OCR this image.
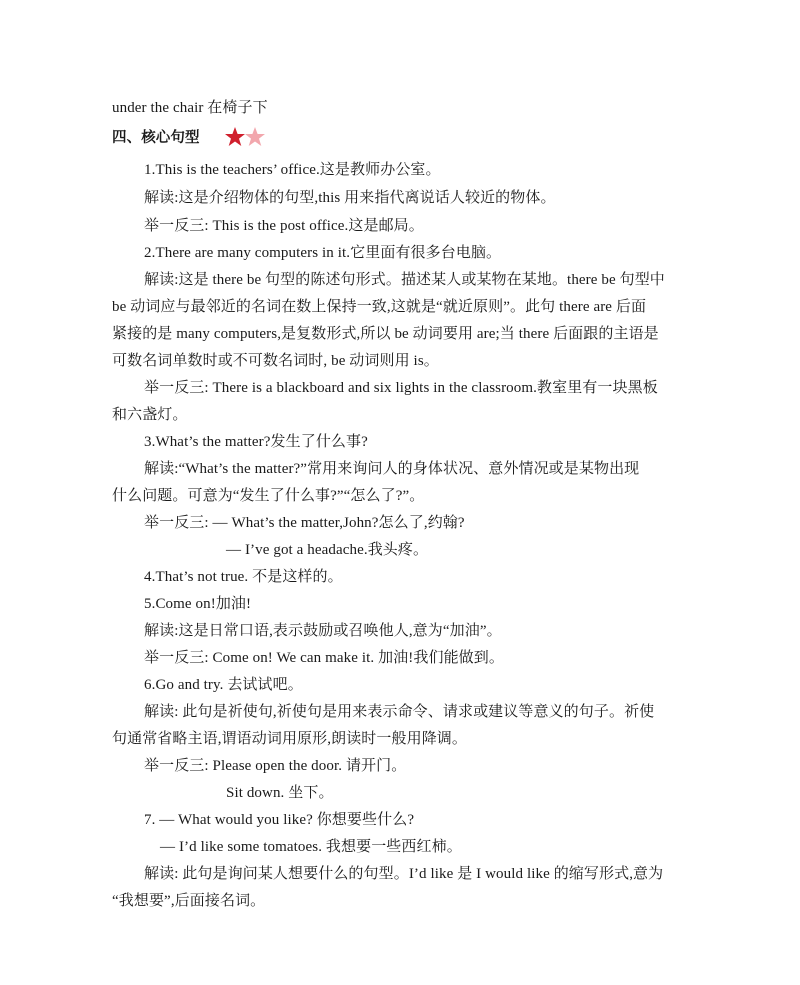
under the chair 在椅子下
四、核心句型
1.This is the teachers’ office.这是教师办公室。
解读:这是介绍物体的句型,this 用来指代离说话人较近的物体。
举一反三: This is the post office.这是邮局。
2.There are many computers in it.它里面有很多台电脑。
解读:这是 there be 句型的陈述句形式。描述某人或某物在某地。there be 句型中
be 动词应与最邻近的名词在数上保持一致,这就是“就近原则”。此句 there are 后面
紧接的是 many computers,是复数形式,所以 be 动词要用 are;当 there 后面跟的主语是
可数名词单数时或不可数名词时, be 动词则用 is。
举一反三: There is a blackboard and six lights in the classroom.教室里有一块黑板
和六盏灯。
3.What’s the matter?发生了什么事?
解读:“What’s the matter?”常用来询问人的身体状况、意外情况或是某物出现
什么问题。可意为“发生了什么事?”“怎么了?”。
举一反三: — What’s the matter,John?怎么了,约翰?
— I’ve got a headache.我头疼。
4.That’s not true. 不是这样的。
5.Come on!加油!
解读:这是日常口语,表示鼓励或召唤他人,意为“加油”。
举一反三: Come on! We can make it. 加油!我们能做到。
6.Go and try. 去试试吧。
解读: 此句是祈使句,祈使句是用来表示命令、请求或建议等意义的句子。祈使
句通常省略主语,谓语动词用原形,朗读时一般用降调。
举一反三: Please open the door. 请开门。
Sit down. 坐下。
7. — What would you like? 你想要些什么?
— I’d like some tomatoes. 我想要一些西红柿。
解读: 此句是询问某人想要什么的句型。I’d like 是 I would like 的缩写形式,意为
“我想要”,后面接名词。
